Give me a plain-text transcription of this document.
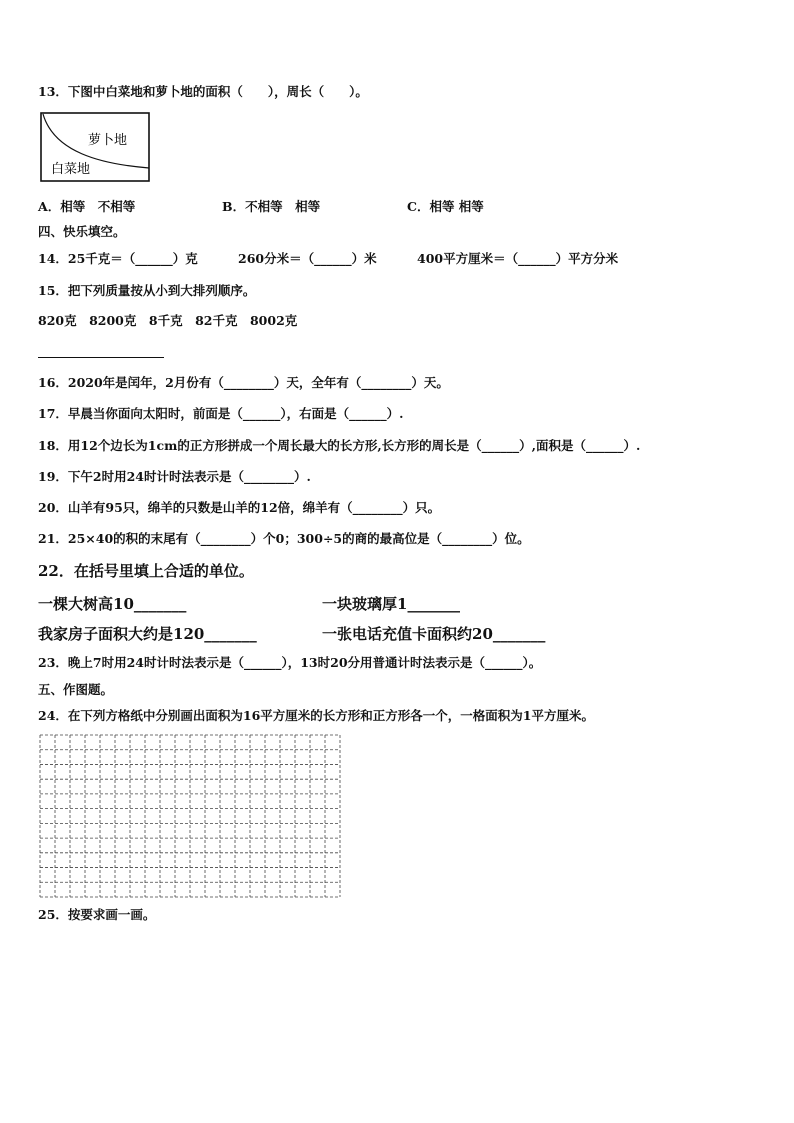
13．下图中白菜地和萝卜地的面积（　　），周长（　　）。
萝卜地
白菜地
A．相等　不相等	B．不相等　相等	C．相等 相等
四、快乐填空。
14．25千克＝（______）克	260分米＝（______）米	400平方厘米＝（______）平方分米
15．把下列质量按从小到大排列顺序。
820克　8200克　8千克　82千克　8002克
16．2020年是闰年，2月份有（________）天，全年有（________）天。
17．早晨当你面向太阳时，前面是（______），右面是（______）.
18．用12个边长为1cm的正方形拼成一个周长最大的长方形,长方形的周长是（______）,面积是（______）.
19．下午2时用24时计时法表示是（________）.
20．山羊有95只，绵羊的只数是山羊的12倍，绵羊有（________）只。
21．25×40的积的末尾有（________）个0；300÷5的商的最高位是（________）位。
22．在括号里填上合适的单位。
一棵大树高10_______	一块玻璃厚1_______
我家房子面积大约是120_______	一张电话充值卡面积约20_______
23．晚上7时用24时计时法表示是（______），13时20分用普通计时法表示是（______）。
五、作图题。
24．在下列方格纸中分别画出面积为16平方厘米的长方形和正方形各一个，一格面积为1平方厘米。
25．按要求画一画。
